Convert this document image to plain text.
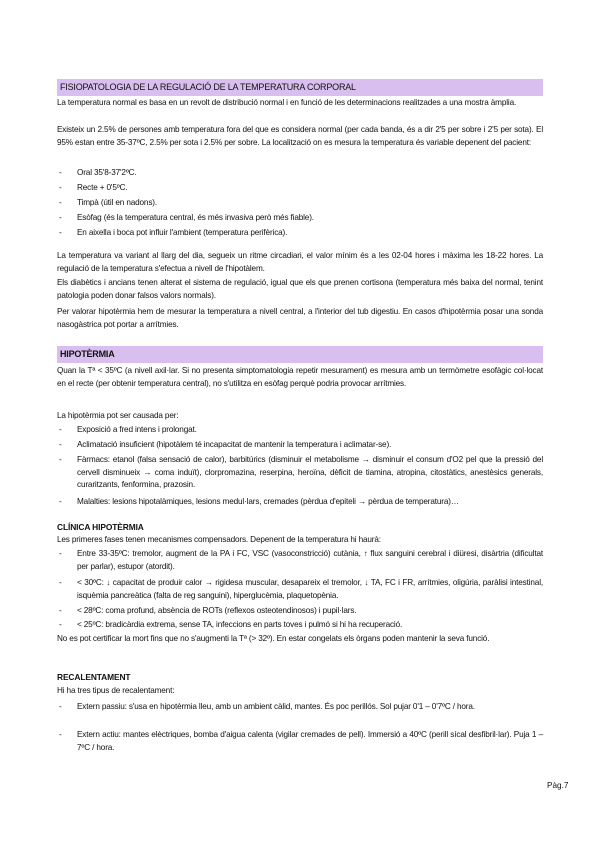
FISIOPATOLOGIA DE LA REGULACIÓ DE LA TEMPERATURA CORPORAL
La temperatura normal es basa en un revolt de distribució normal i en funció de les determinacions realitzades a una mostra àmplia.
Existeix un 2.5% de persones amb temperatura fora del que es considera normal (per cada banda, és a dir 2'5 per sobre i 2'5 per sota). El 95% estan entre 35-37ºC, 2.5% per sota i 2.5% per sobre. La localització on es mesura la temperatura és variable depenent del pacient:
- Oral 35'8-37'2ºC.
- Recte + 0'5ºC.
- Timpà (útil en nadons).
- Esòfag (és la temperatura central, és més invasiva però més fiable).
- En aixella i boca pot influir l'ambient (temperatura perifèrica).
La temperatura va variant al llarg del dia, segueix un ritme circadiari, el valor mínim és a les 02-04 hores i màxima les 18-22 hores. La regulació de la temperatura s'efectua a nivell de l'hipotàlem.
Els diabètics i ancians tenen alterat el sistema de regulació, igual que els que prenen cortisona (temperatura més baixa del normal, tenint patologia poden donar falsos valors normals).
Per valorar hipotèrmia hem de mesurar la temperatura a nivell central, a l'interior del tub digestiu. En casos d'hipotèrmia posar una sonda nasogàstrica pot portar a arrítmies.
HIPOTÈRMIA
Quan la Tª < 35ºC (a nivell axil·lar. Si no presenta simptomatologia repetir mesurament) es mesura amb un termòmetre esofàgic col·locat en el recte (per obtenir temperatura central), no s'utilitza en esòfag perquè podria provocar arrítmies.
La hipotèrmia pot ser causada per:
- Exposició a fred intens i prolongat.
- Aclimatació insuficient (hipotàlem té incapacitat de mantenir la temperatura i aclimatar-se).
- Fàrmacs: etanol (falsa sensació de calor), barbitúrics (disminuir el metabolisme → disminuir el consum d'O2 pel que la pressió del cervell disminueix → coma induït), clorpromazina, reserpina, heroïna, dèficit de tiamina, atropina, citostàtics, anestèsics generals, curaritzants, fenformina, prazosin.
- Malalties: lesions hipotalàmiques, lesions medul·lars, cremades (pèrdua d'epiteli → pèrdua de temperatura)…
CLÍNICA HIPOTÈRMIA
Les primeres fases tenen mecanismes compensadors. Depenent de la temperatura hi haurà:
- Entre 33-35ºC: tremolor, augment de la PA i FC, VSC (vasoconstricció) cutània, ↑ flux sanguini cerebral i diüresi, disàrtria (dificultat per parlar), estupor (atordit).
- < 30ºC: ↓ capacitat de produir calor → rigidesa muscular, desapareix el tremolor, ↓ TA, FC i FR, arrítmies, oligúria, paràlisi intestinal, isquèmia pancreàtica (falta de reg sanguini), hiperglucèmia, plaquetopènia.
- < 28ºC: coma profund, absència de ROTs (reflexos osteotendinosos) i pupil·lars.
- < 25ºC: bradicàrdia extrema, sense TA, infeccions en parts toves i pulmó si hi ha recuperació.
No es pot certificar la mort fins que no s'augmenti la Tª (> 32º). En estar congelats els òrgans poden mantenir la seva funció.
RECALENTAMENT
Hi ha tres tipus de recalentament:
- Extern passiu: s'usa en hipotèrmia lleu, amb un ambient càlid, mantes. És poc perillós. Sol pujar 0'1 – 0'7ºC / hora.
- Extern actiu: mantes elèctriques, bomba d'aigua calenta (vigilar cremades de pell). Immersió a 40ºC (perill sícal desfibril·lar). Puja 1 – 7ºC / hora.
Pàg.7
